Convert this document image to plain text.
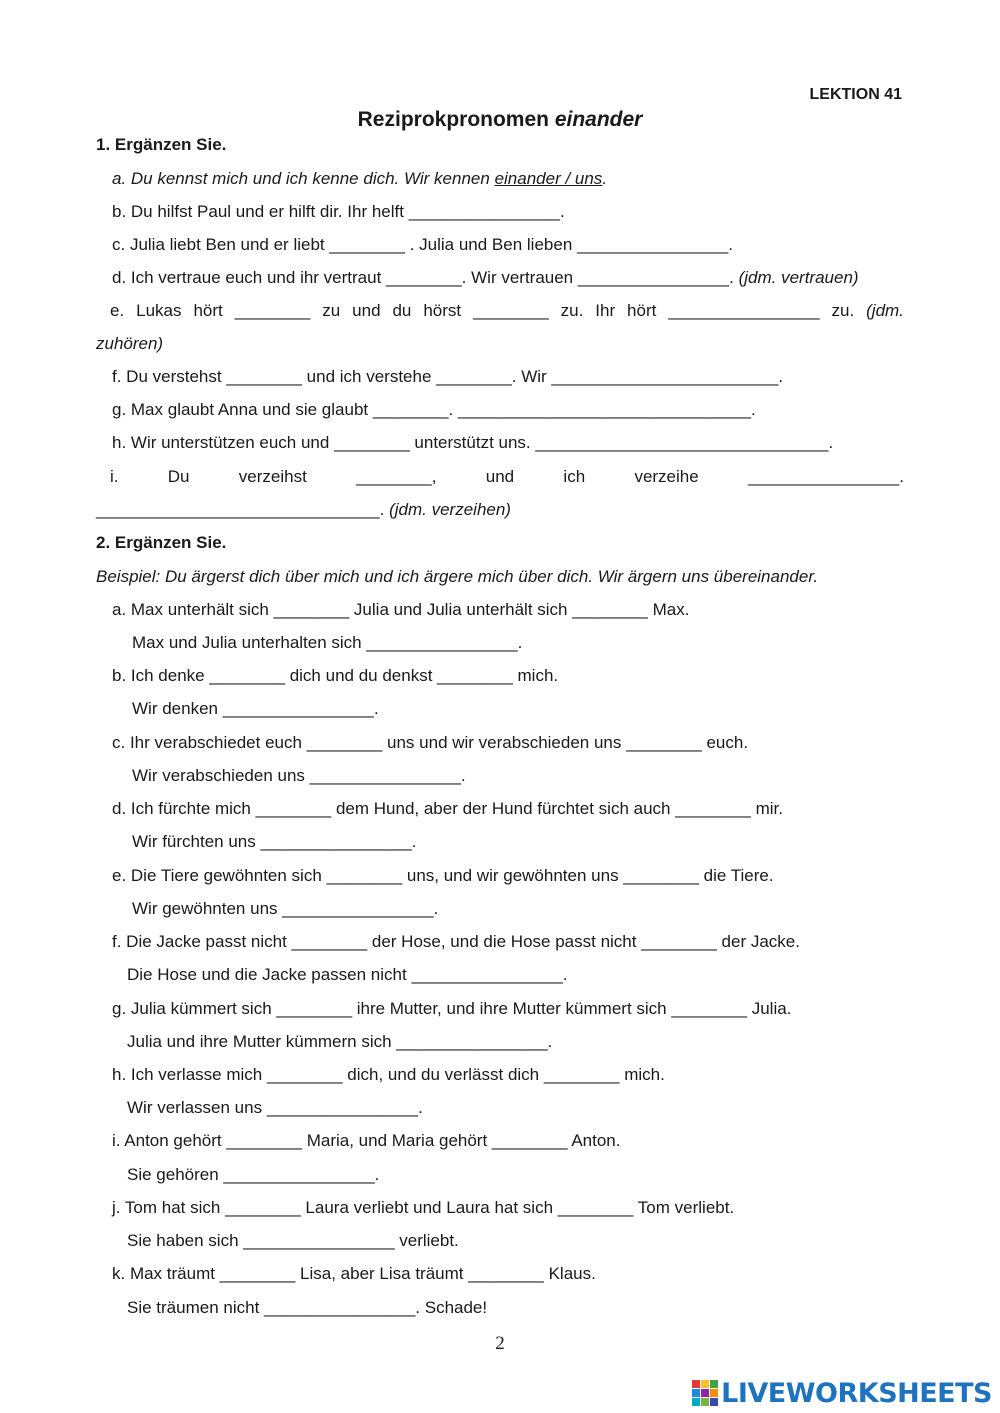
LEKTION 41
Reziprokpronomen einander
1. Ergänzen Sie.
a. Du kennst mich und ich kenne dich. Wir kennen einander / uns.
b. Du hilfst Paul und er hilft dir. Ihr helft ________________.
c. Julia liebt Ben und er liebt ________ . Julia und Ben lieben ________________.
d. Ich vertraue euch und ihr vertraut ________. Wir vertrauen ________________. (jdm. vertrauen)
e. Lukas hört ________ zu und du hörst ________ zu. Ihr hört ________________ zu. (jdm.
zuhören)
f. Du verstehst ________ und ich verstehe ________. Wir ________________________.
g. Max glaubt Anna und sie glaubt ________. _______________________________.
h. Wir unterstützen euch und ________ unterstützt uns. _______________________________.
i.	Du	verzeihst	________,	und	ich	verzeihe	________________.
______________________________. (jdm. verzeihen)
2. Ergänzen Sie.
Beispiel: Du ärgerst dich über mich und ich ärgere mich über dich. Wir ärgern uns übereinander.
a. Max unterhält sich ________ Julia und Julia unterhält sich ________ Max.
Max und Julia unterhalten sich ________________.
b. Ich denke ________ dich und du denkst ________ mich.
Wir denken ________________.
c. Ihr verabschiedet euch ________ uns und wir verabschieden uns ________ euch.
Wir verabschieden uns ________________.
d. Ich fürchte mich ________ dem Hund, aber der Hund fürchtet sich auch ________ mir.
Wir fürchten uns ________________.
e. Die Tiere gewöhnten sich ________ uns, und wir gewöhnten uns ________ die Tiere.
Wir gewöhnten uns ________________.
f. Die Jacke passt nicht ________ der Hose, und die Hose passt nicht ________ der Jacke.
Die Hose und die Jacke passen nicht ________________.
g. Julia kümmert sich ________ ihre Mutter, und ihre Mutter kümmert sich ________ Julia.
Julia und ihre Mutter kümmern sich ________________.
h. Ich verlasse mich ________ dich, und du verlässt dich ________ mich.
Wir verlassen uns ________________.
i. Anton gehört ________ Maria, und Maria gehört ________ Anton.
Sie gehören ________________.
j. Tom hat sich ________ Laura verliebt und Laura hat sich ________ Tom verliebt.
Sie haben sich ________________ verliebt.
k. Max träumt ________ Lisa, aber Lisa träumt ________ Klaus.
Sie träumen nicht ________________. Schade!
2
LIVEWORKSHEETS
